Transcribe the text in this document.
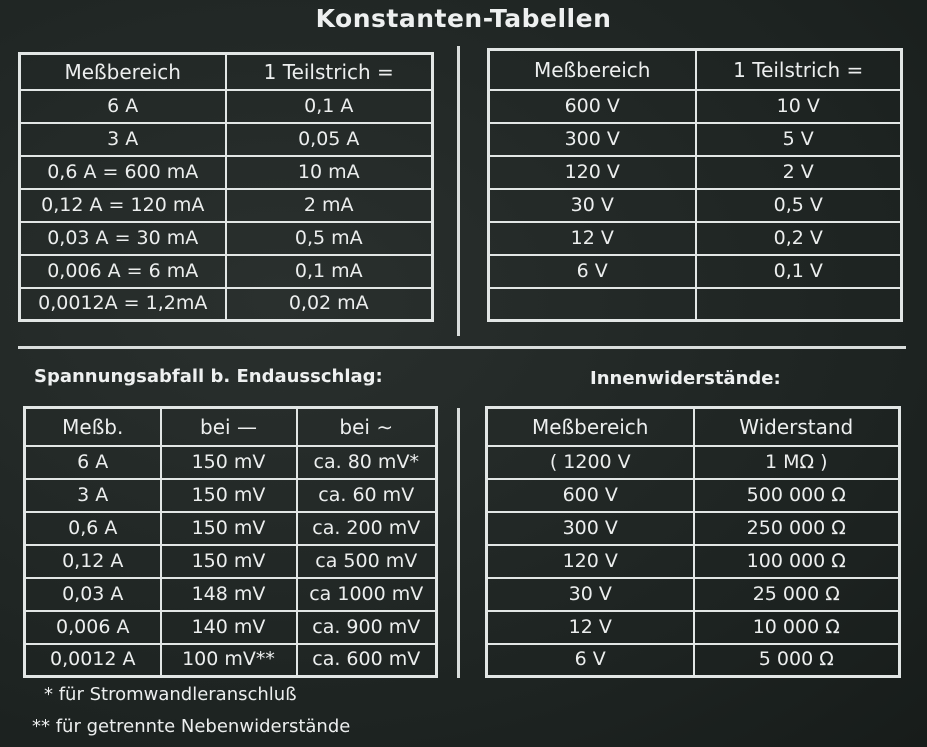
Konstanten-Tabellen
Meßbereich	1 Teilstrich =
6 A	0,1 A
3 A	0,05 A
0,6 A = 600 mA	10 mA
0,12 A = 120 mA	2 mA
0,03 A = 30 mA	0,5 mA
0,006 A = 6 mA	0,1 mA
0,0012A = 1,2mA	0,02 mA
Meßbereich	1 Teilstrich =
600 V	10 V
300 V	5 V
120 V	2 V
30 V	0,5 V
12 V	0,2 V
6 V	0,1 V

Spannungsabfall b. Endausschlag:	Innenwiderstände:
Meßb.	bei —	bei ∼
6 A	150 mV	ca. 80 mV*
3 A	150 mV	ca. 60 mV
0,6 A	150 mV	ca. 200 mV
0,12 A	150 mV	ca 500 mV
0,03 A	148 mV	ca 1000 mV
0,006 A	140 mV	ca. 900 mV
0,0012 A	100 mV**	ca. 600 mV
Meßbereich	Widerstand
( 1200 V	1 MΩ )
600 V	500 000 Ω
300 V	250 000 Ω
120 V	100 000 Ω
30 V	25 000 Ω
12 V	10 000 Ω
6 V	5 000 Ω
* für Stromwandleranschluß
** für getrennte Nebenwiderstände
